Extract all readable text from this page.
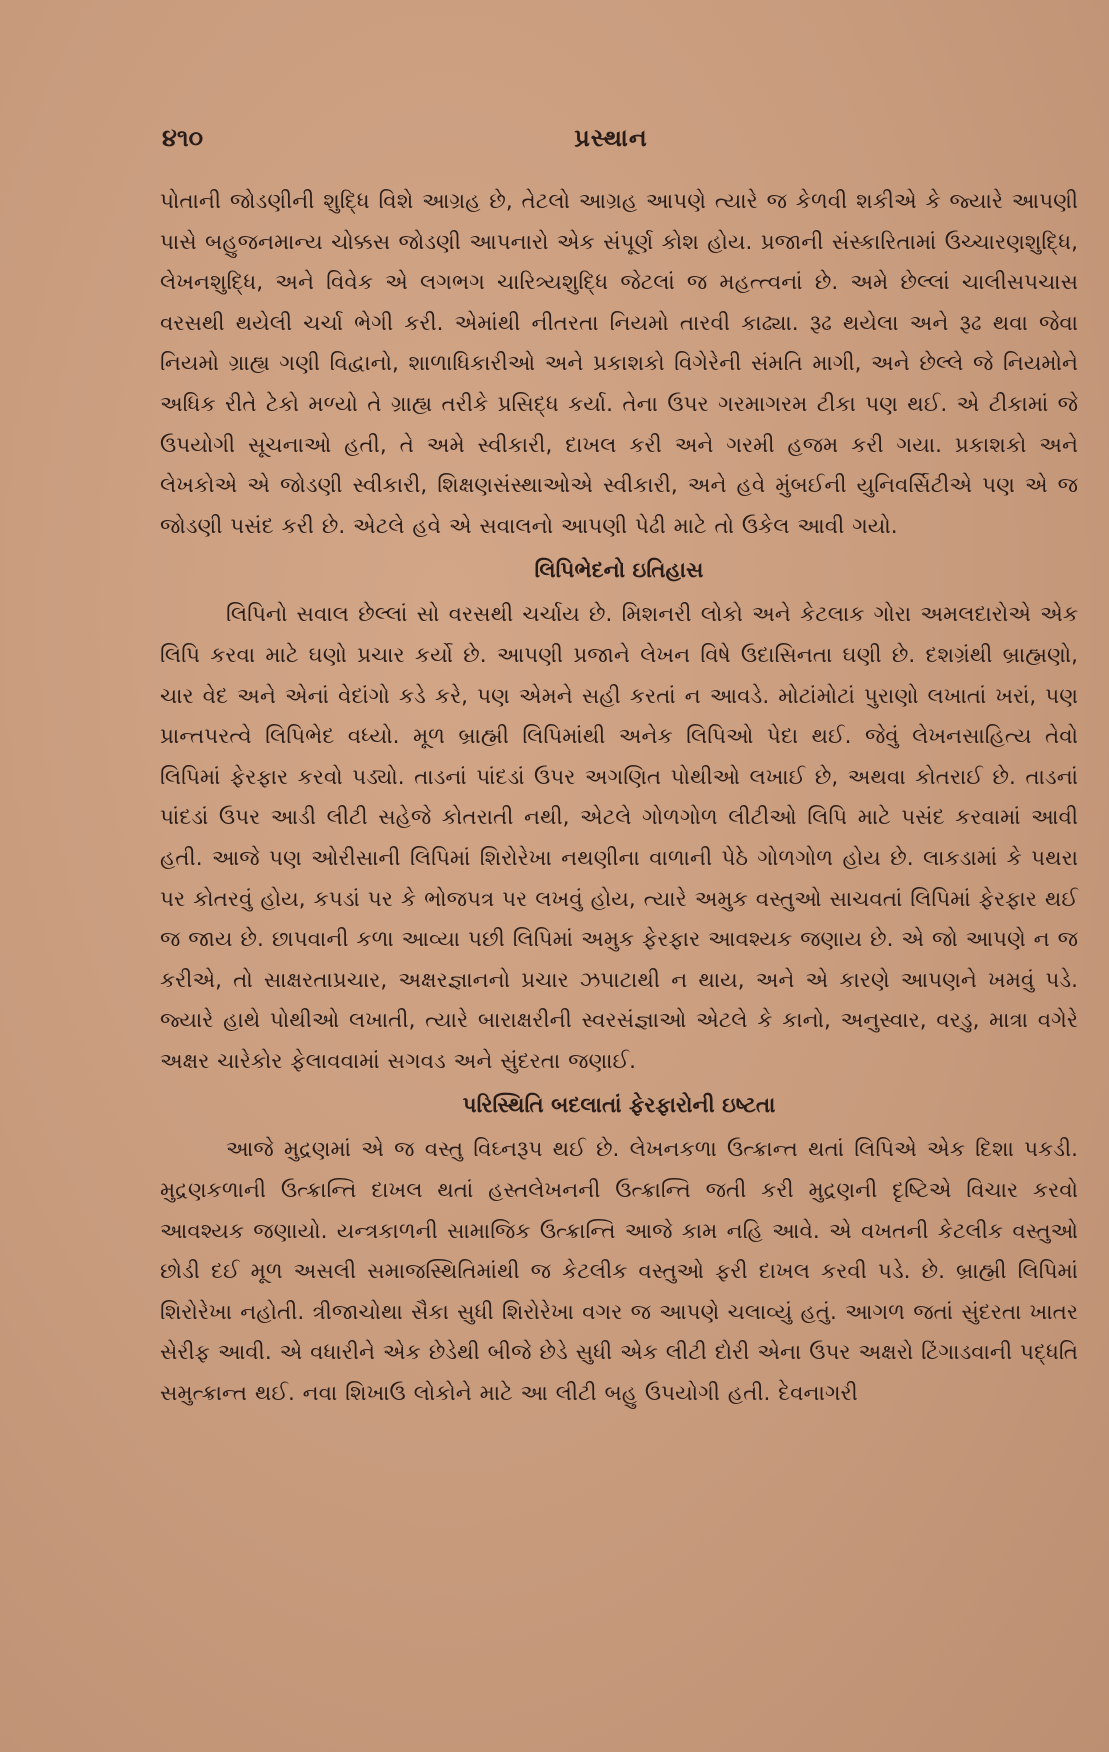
૪૧૦	પ્રસ્થાન

પોતાની જોડણીની શુદ્ધિ વિશે આગ્રહ છે, તેટલો આગ્રહ આપણે ત્યારે જ કેળવી શકીએ કે જ્યારે આપણી પાસે બહુજનમાન્ય ચોક્કસ જોડણી આપનારો એક સંપૂર્ણ કોશ હોય. પ્રજાની સંસ્કારિતામાં ઉચ્ચારણશુદ્ધિ, લેખનશુદ્ધિ, અને વિવેક એ લગભગ ચારિત્ર્યશુદ્ધિ જેટલાં જ મહત્ત્વનાં છે. અમે છેલ્લાં ચાલીસપચાસ વરસથી થયેલી ચર્ચા ભેગી કરી. એમાંથી નીતરતા નિયમો તારવી કાઢ્યા. રૂઢ થયેલા અને રૂઢ થવા જેવા નિયમો ગ્રાહ્ય ગણી વિદ્વાનો, શાળાધિકારીઓ અને પ્રકાશકો વિગેરેની સંમતિ માગી, અને છેલ્લે જે નિયમોને અધિક રીતે ટેકો મળ્યો તે ગ્રાહ્ય તરીકે પ્રસિદ્ધ કર્યા. તેના ઉપર ગરમાગરમ ટીકા પણ થઈ. એ ટીકામાં જે ઉપયોગી સૂચનાઓ હતી, તે અમે સ્વીકારી, દાખલ કરી અને ગરમી હજમ કરી ગયા. પ્રકાશકો અને લેખકોએ એ જોડણી સ્વીકારી, શિક્ષણસંસ્થાઓએ સ્વીકારી, અને હવે મુંબઈની યુનિવર્સિટીએ પણ એ જ જોડણી પસંદ કરી છે. એટલે હવે એ સવાલનો આપણી પેઢી માટે તો ઉકેલ આવી ગયો.

લિપિભેદનો ઇતિહાસ

લિપિનો સવાલ છેલ્લાં સો વરસથી ચર્ચાય છે. મિશનરી લોકો અને કેટલાક ગોરા અમલદારોએ એક લિપિ કરવા માટે ઘણો પ્રચાર કર્યો છે. આપણી પ્રજાને લેખન વિષે ઉદાસિનતા ઘણી છે. દશગ્રંથી બ્રાહ્મણો, ચાર વેદ અને એનાં વેદાંગો કડે કરે, પણ એમને સહી કરતાં ન આવડે. મોટાંમોટાં પુરાણો લખાતાં ખરાં, પણ પ્રાન્તપરત્વે લિપિભેદ વધ્યો. મૂળ બ્રાહ્મી લિપિમાંથી અનેક લિપિઓ પેદા થઈ. જેવું લેખનસાહિત્ય તેવો લિપિમાં ફેરફાર કરવો પડ્યો. તાડનાં પાંદડાં ઉપર અગણિત પોથીઓ લખાઈ છે, અથવા કોતરાઈ છે. તાડનાં પાંદડાં ઉપર આડી લીટી સહેજે કોતરાતી નથી, એટલે ગોળગોળ લીટીઓ લિપિ માટે પસંદ કરવામાં આવી હતી. આજે પણ ઓરીસાની લિપિમાં શિરોરેખા નથણીના વાળાની પેઠે ગોળગોળ હોય છે. લાકડામાં કે પથરા પર કોતરવું હોય, કપડાં પર કે ભોજપત્ર પર લખવું હોય, ત્યારે અમુક વસ્તુઓ સાચવતાં લિપિમાં ફેરફાર થઈ જ જાય છે. છાપવાની કળા આવ્યા પછી લિપિમાં અમુક ફેરફાર આવશ્યક જણાય છે. એ જો આપણે ન જ કરીએ, તો સાક્ષરતાપ્રચાર, અક્ષરજ્ઞાનનો પ્રચાર ઝપાટાથી ન થાય, અને એ કારણે આપણને ખમવું પડે. જ્યારે હાથે પોથીઓ લખાતી, ત્યારે બારાક્ષરીની સ્વરસંજ્ઞાઓ એટલે કે કાનો, અનુસ્વાર, વરડુ, માત્રા વગેરે અક્ષર ચારેકોર ફેલાવવામાં સગવડ અને સુંદરતા જણાઈ.

પરિસ્થિતિ બદલાતાં ફેરફારોની ઇષ્ટતા

આજે મુદ્રણમાં એ જ વસ્તુ વિઘ્નરૂપ થઈ છે. લેખનકળા ઉત્ક્રાન્ત થતાં લિપિએ એક દિશા પકડી. મુદ્રણકળાની ઉત્ક્રાન્તિ દાખલ થતાં હસ્તલેખનની ઉત્ક્રાન્તિ જતી કરી મુદ્રણની દૃષ્ટિએ વિચાર કરવો આવશ્યક જણાયો. યન્ત્રકાળની સામાજિક ઉત્ક્રાન્તિ આજે કામ નહિ આવે. એ વખતની કેટલીક વસ્તુઓ છોડી દઈ મૂળ અસલી સમાજસ્થિતિમાંથી જ કેટલીક વસ્તુઓ ફરી દાખલ કરવી પડે. છે. બ્રાહ્મી લિપિમાં શિરોરેખા નહોતી. ત્રીજાચોથા સૈકા સુધી શિરોરેખા વગર જ આપણે ચલાવ્યું હતું. આગળ જતાં સુંદરતા ખાતર સેરીફ આવી. એ વધારીને એક છેડેથી બીજે છેડે સુધી એક લીટી દોરી એના ઉપર અક્ષરો ટિંગાડવાની પદ્ધતિ સમુત્ક્રાન્ત થઈ. નવા શિખાઉ લોકોને માટે આ લીટી બહુ ઉપયોગી હતી. દેવનાગરી
